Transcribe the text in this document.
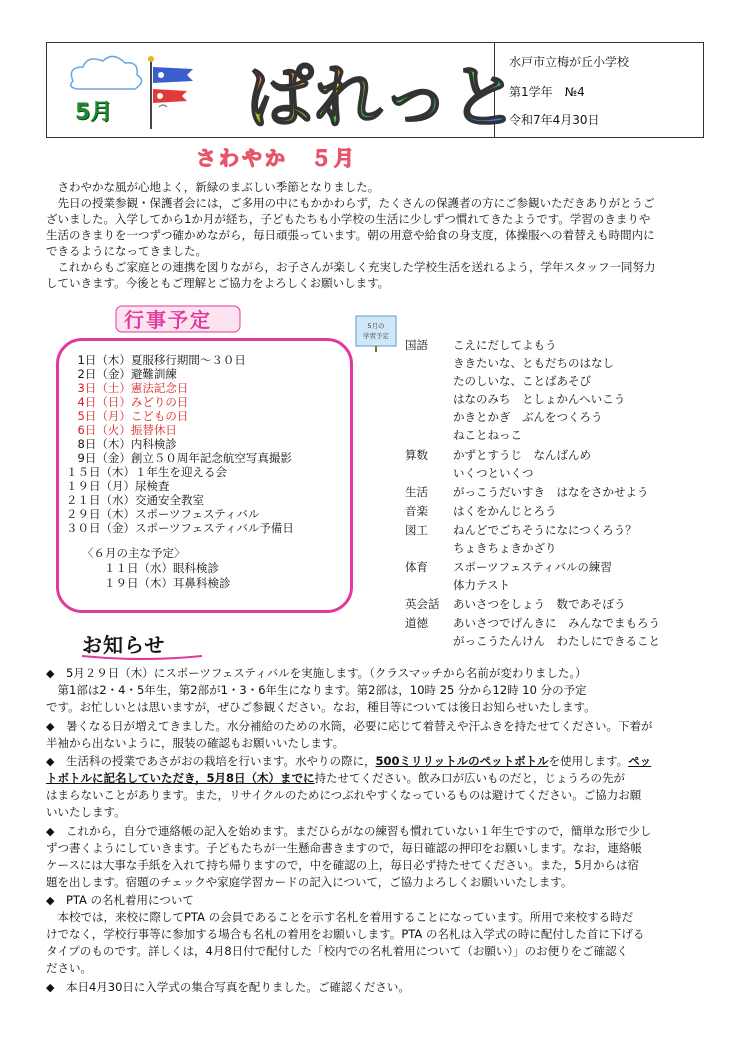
5月 ぱれっと
水戸市立梅が丘小学校
第1学年　№4
令和7年4月30日
さわやか　５月
　さわやかな風が心地よく，新緑のまぶしい季節となりました。
　先日の授業参観・保護者会には，ご多用の中にもかかわらず，たくさんの保護者の方にご参観いただきありがとうご
ざいました。入学してから1か月が経ち，子どもたちも小学校の生活に少しずつ慣れてきたようです。学習のきまりや
生活のきまりを一つずつ確かめながら，毎日頑張っています。朝の用意や給食の身支度，体操服への着替えも時間内に
できるようになってきました。
　これからもご家庭との連携を図りながら，お子さんが楽しく充実した学校生活を送れるよう，学年スタッフ一同努力
していきます。今後ともご理解とご協力をよろしくお願いします。
行事予定
　1日（木）夏服移行期間～３０日
　2日（金）避難訓練
　3日（土）憲法記念日
　4日（日）みどりの日
　5日（月）こどもの日
　6日（火）振替休日
　8日（木）内科検診
　9日（金）創立５０周年記念航空写真撮影
１５日（木）１年生を迎える会
１９日（月）尿検査
２１日（水）交通安全教室
２９日（木）スポーツフェスティバル
３０日（金）スポーツフェスティバル予備日
〈６月の主な予定〉
１１日（水）眼科検診
１９日（木）耳鼻科検診
5月の
学習予定
国語 こえにだしてよもう
ききたいな、ともだちのはなし
たのしいな、ことばあそび
はなのみち　としょかんへいこう
かきとかぎ　ぶんをつくろう
ねことねっこ
算数 かずとすうじ　なんばんめ
いくつといくつ
生活 がっこうだいすき　はなをさかせよう
音楽 はくをかんじとろう
図工 ねんどでごちそうになにつくろう？
ちょきちょきかざり
体育 スポーツフェスティバルの練習
体力テスト
英会話 あいさつをしょう　数であそぼう
道徳 あいさつでげんきに　みんなでまもろう
がっこうたんけん　わたしにできること
お知らせ
◆　 5月２９日（木）にスポーツフェスティバルを実施します。（クラスマッチから名前が変わりました。）
　第1部は2・4・5年生，第2部が1・3・6年生になります。第2部は，10時 25 分から12時 10 分の予定
です。お忙しいとは思いますが，ぜひご参観ください。なお，種目等については後日お知らせいたします。
◆　 暑くなる日が増えてきました。水分補給のための水筒，必要に応じて着替えや汗ふきを持たせてください。下着が
半袖から出ないように，服装の確認もお願いいたします。
◆　 生活科の授業であさがおの栽培を行います。水やりの際に，500ミリリットルのペットボトルを使用します。ペッ
トボトルに記名していただき，5月8日（木）までに持たせてください。飲み口が広いものだと，じょうろの先が
はまらないことがあります。また，リサイクルのためにつぶれやすくなっているものは避けてください。ご協力お願
いいたします。
◆　 これから，自分で連絡帳の記入を始めます。まだひらがなの練習も慣れていない１年生ですので，簡単な形で少し
ずつ書くようにしていきます。子どもたちが一生懸命書きますので，毎日確認の押印をお願いします。なお，連絡帳
ケースには大事な手紙を入れて持ち帰りますので，中を確認の上，毎日必ず持たせてください。また，5月からは宿
題を出します。宿題のチェックや家庭学習カードの記入について，ご協力よろしくお願いいたします。
◆　 PTA の名札着用について
　本校では，来校に際してPTA の会員であることを示す名札を着用することになっています。所用で来校する時だ
けでなく，学校行事等に参加する場合も名札の着用をお願いします。PTA の名札は入学式の時に配付した首に下げる
タイプのものです。詳しくは，4月8日付で配付した「校内での名札着用について（お願い）」のお便りをご確認く
ださい。
◆　 本日4月30日に入学式の集合写真を配りました。ご確認ください。
